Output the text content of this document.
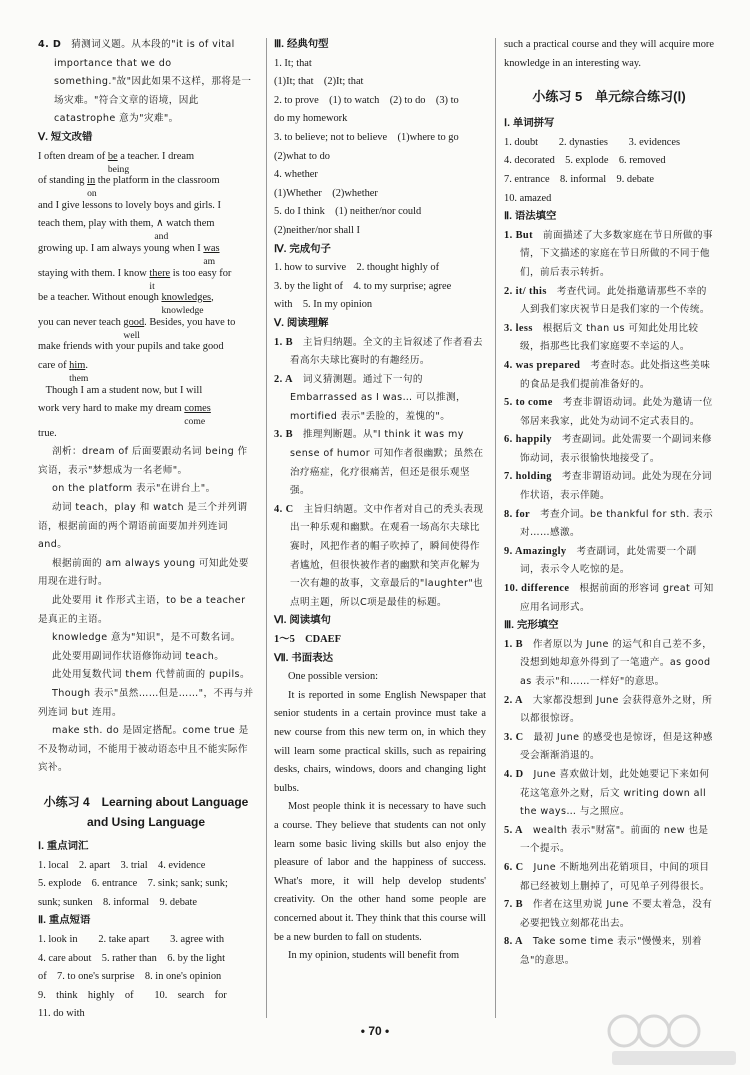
4. D　 猜测词义题。从本段的"it is of vital importance that we do something."故"因此如果不这样，那将是一场灾难。"符合文章的语境，因此 catastrophe 意为"灾难"。

Ⅴ. 短文改错

I often dream of be
being
a teacher. I dream

of standing in
on
the platform in the classroom

and I give lessons to lovely boys and girls. I

teach them, play with them, ∧ watch them
and

growing up. I am always young when I was
am

staying with them. I know there
it
is too easy for

be a teacher. Without enough knowledges
knowledge
,

you can never teach good
well
. Besides, you have to

make friends with your pupils and take good

care of him
them
.

Though I am a student now, but I will

work very hard to make my dream comes
come

true.

剖析：dream of 后面要跟动名词 being 作宾语，表示"梦想成为一名老师"。

on the platform 表示"在讲台上"。

动词 teach，play 和 watch 是三个并列谓语，根据前面的两个谓语前面要加并列连词 and。

根据前面的 am always young 可知此处要用现在进行时。

此处要用 it 作形式主语，to be a teacher 是真正的主语。

knowledge 意为"知识"，是不可数名词。

此处要用副词作状语修饰动词 teach。

此处用复数代词 them 代替前面的 pupils。

Though 表示"虽然……但是……"，不再与并列连词 but 连用。

make sth. do 是固定搭配。come true 是不及物动词，不能用于被动语态中且不能实际作宾补。

小练习 4　Learning about Language
and Using Language

Ⅰ. 重点词汇

1. local　2. apart　3. trial　4. evidence

5. explode　6. entrance　7. sink; sank; sunk;

sunk; sunken　8. informal　9. debate

Ⅱ. 重点短语

1. look in　　2. take apart　　3. agree with

4. care about　5. rather than　6. by the light

of　7. to one's surprise　8. in one's opinion

9.　think　highly　of　　10.　search　for

11. do with

Ⅲ. 经典句型

1. It; that

(1)It; that　(2)It; that

2. to prove　(1) to watch　(2) to do　(3) to

do my homework

3. to believe; not to believe　(1)where to go

(2)what to do

4. whether

(1)Whether　(2)whether

5. do I think　(1) neither/nor could

(2)neither/nor shall I

Ⅳ. 完成句子

1. how to survive　2. thought highly of

3. by the light of　4. to my surprise; agree

with　5. In my opinion

Ⅴ. 阅读理解

1. B　 主旨归纳题。全文的主旨叙述了作者看去看高尔夫球比赛时的有趣经历。

2. A　 词义猜测题。通过下一句的 Embarrassed as I was… 可以推测，mortified 表示"丢脸的，羞愧的"。

3. B　 推理判断题。从"I think it was my sense of humor 可知作者很幽默；虽然在治疗癌症，化疗很痛苦，但还是很乐观坚强。

4. C　 主旨归纳题。文中作者对自己的秃头表现出一种乐观和幽默。在观看一场高尔夫球比赛时，风把作者的帽子吹掉了，瞬间使得作者尴尬，但很快被作者的幽默和笑声化解为一次有趣的故事，文章最后的"laughter"也点明主题，所以C项是最佳的标题。

Ⅵ. 阅读填句

1～5　CDAEF

Ⅶ. 书面表达

One possible version:

It is reported in some English Newspaper that senior students in a certain province must take a new course from this new term on, in which they will learn some practical skills, such as repairing desks, chairs, windows, doors and changing light bulbs.

Most people think it is necessary to have such a course. They believe that students can not only learn some basic living skills but also enjoy the pleasure of labor and the happiness of success. What's more, it will help develop students' creativity. On the other hand some people are concerned about it. They think that this course will be a new burden to fall on students.

In my opinion, students will benefit from

such a practical course and they will acquire more knowledge in an interesting way.

小练习 5　单元综合练习(Ⅰ)

Ⅰ. 单词拼写

1. doubt　　2. dynasties　　3. evidences

4. decorated　5. explode　6. removed

7. entrance　8. informal　9. debate

10. amazed

Ⅱ. 语法填空

1. But　 前面描述了大多数家庭在节日所做的事情，下文描述的家庭在节日所做的不同于他们，前后表示转折。

2. it/ this　 考查代词。此处指邀请那些不幸的人到我们家庆祝节日是我们家的一个传统。

3. less　 根据后文 than us 可知此处用比较级，指那些比我们家庭要不幸运的人。

4. was prepared　 考查时态。此处指这些美味的食品是我们提前准备好的。

5. to come　 考查非谓语动词。此处为邀请一位邻居来我家，此处为动词不定式表目的。

6. happily　 考查副词。此处需要一个副词来修饰动词，表示很愉快地接受了。

7. holding　 考查非谓语动词。此处为现在分词作状语，表示伴随。

8. for　 考查介词。be thankful for sth. 表示对……感激。

9. Amazingly　 考查副词，此处需要一个副词，表示令人吃惊的是。

10. difference　 根据前面的形容词 great 可知应用名词形式。

Ⅲ. 完形填空

1. B　 作者原以为 June 的运气和自己差不多，没想到她却意外得到了一笔遗产。as good as 表示"和……一样好"的意思。

2. A　 大家都没想到 June 会获得意外之财，所以都很惊讶。

3. C　 最初 June 的感受也是惊讶，但是这种感受会渐渐消退的。

4. D　 June 喜欢做计划，此处她要记下来如何花这笔意外之财，后文 writing down all the ways… 与之照应。

5. A　 wealth 表示"财富"。前面的 new 也是一个提示。

6. C　 June 不断地列出花销项目，中间的项目都已经被划上删掉了，可见单子列得很长。

7. B　 作者在这里劝说 June 不要太着急，没有必要把钱立刻都花出去。

8. A　 Take some time 表示"慢慢来，别着急"的意思。

• 70 •
